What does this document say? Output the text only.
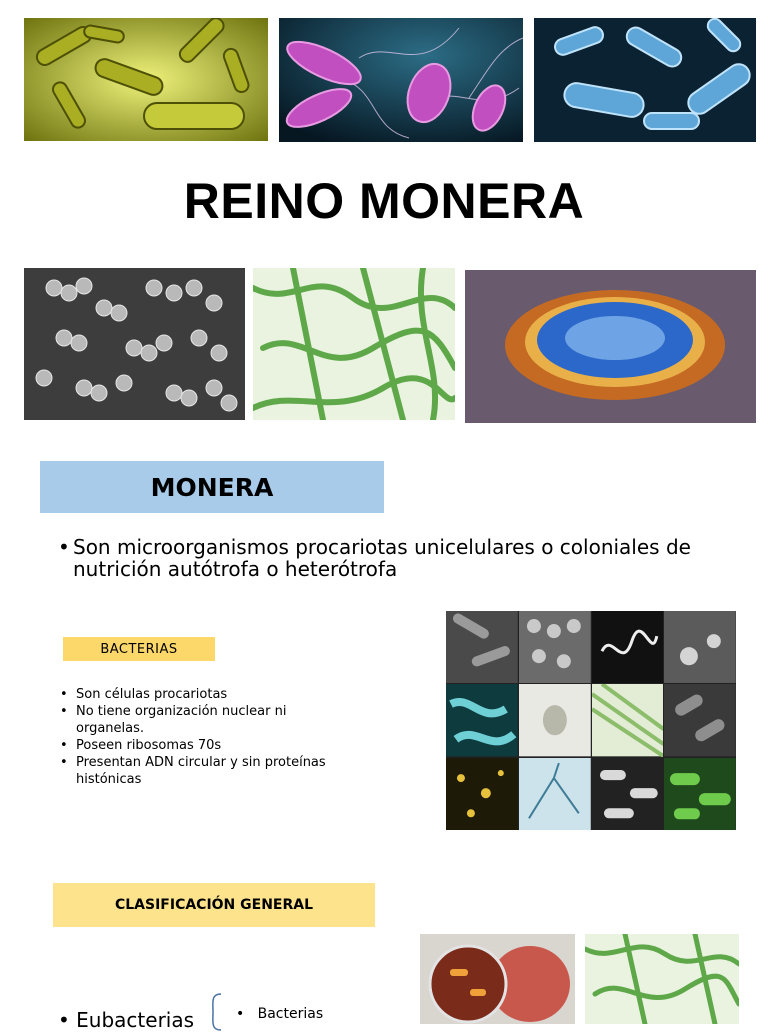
REINO MONERA
MONERA
• Son microorganismos procariotas unicelulares o coloniales de nutrición autótrofa o heterótrofa
BACTERIAS
• Son células procariotas
• No tiene organización nuclear ni organelas.
• Poseen ribosomas 70s
• Presentan ADN circular y sin proteínas histónicas
CLASIFICACIÓN GENERAL
• Eubacterias	•   Bacterias
